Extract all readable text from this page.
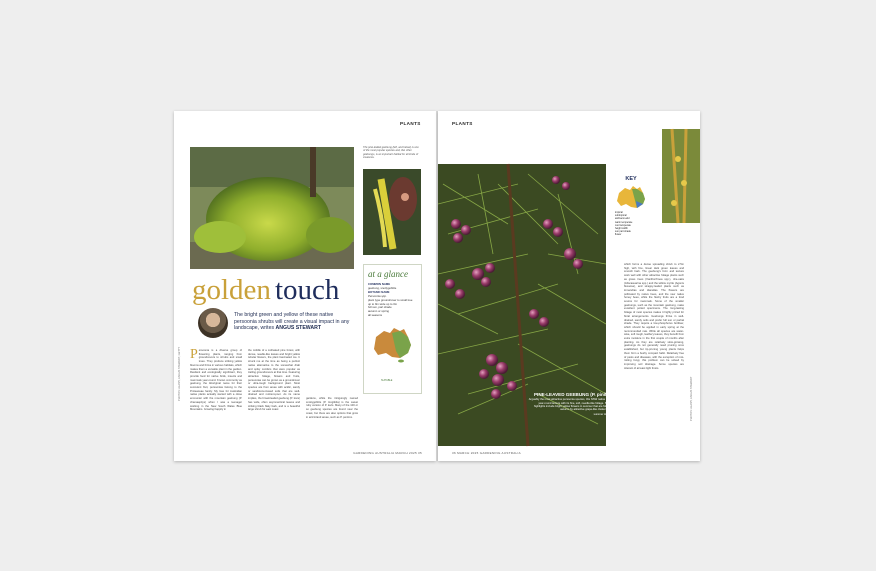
PLANTS
The pine-leafed geebung (left, and below) is one of the most popular species and, like other geebungs, is an important habitat for all kinds of creatures.
golden touch
The bright green and yellow of these native persoonia shrubs will create a visual impact in any landscape, writes ANGUS STEWART
Persoonia is a diverse group of flowering plants, ranging from groundcovers to shrubs and small trees. They produce striking yellow blooms and thrive in various habitats, which makes them a versatile plant in the garden. Resilient and ecologically significant, they provide food for native birds, insects and mammals year-round. Known commonly as geebung, the Aboriginal name for their succulent fruit, persoonias belong to the Proteaceae family. My love for Australian native plants actually started with a close encounter with the mountain geebung (P. chamaepitys) when I was a teenager working in the New South Wales Blue Mountains. Growing happily in
the middle of a cultivated pine forest, with dense, needle-like leaves and bright yellow tubular flowers, the plant fascinated me. It struck me at the time as being a perfect native alternative to the somewhat drab and spiky conifers that were popular as trailing groundcovers at that time. Featuring attractive foliage, flowers and fruits, persoonias can be grown as a groundcover or ultra-tough background plant. Most species are from areas with acidic, sandy or sandstone-based soils that are well-drained and nutrient-poor. As its name implies, the broad-leafed geebung (P. levis) has wide, often asymmetrical leaves and striking black flaky bark, and is a beautiful large shrub for east coast
gardens, while the intriguingly named snottygobble (P. longifolia) is the sweet ruby version of P. levis. Many of the 100 or so geebung species are found near the coast, but there are also options that grow in arid inland areas, such as P. pentrox.
at a glance
COMMON NAME
geebung, snottygobble
BOTANIC NAME
Persoonia spp.
plant type groundcover to small tree
up to 9m wide up to 3m
full sun, part shade
autumn or spring
all seasons
SUITABLE
GARDENING AUSTRALIA MARCH 2025 35
PHOTOS: ALAMY, ANGUS STEWART, GETTY
PLANTS
PINE-LEAVED GEEBUNG (P. pinifolia)
Arguably the most attractive persoonia species, this NSW native provides year-round texture with its fine, soft, needle-like foliage. Seasonal highlights include bright yellow flowers in summer that are followed in autumn by attractive grape-like clusters of fruit.
summer to autumn
KEY
tropical
subtropical
arid/semi-arid
warm temperate
cool temperate
height width
sun part shade
flower
which forms a dense spreading shrub to 2.5m high, with fine, linear dark green leaves and smooth bark. The geebung's form and texture work well with other attractive foliage plants such as grass trees (Xanthorrhoea spp.), she-oaks (Allocasuarina spp.) and the willow myrtle (Agonis flexuosa), and strappy-leafed plants such as lomandras and dianellas. The flowers are pollinated by native bees, and the new native honey bees, while the fleshy fruits are a food source for mammals. Some of the smaller geebungs, such as the mountain geebung, make excellent potted specimens. The long-lasting foliage of most species makes it highly prized for floral arrangements. Geebungs thrive in well-drained, sandy soils and prefer full sun or partial shade. They require a low-phosphorus fertiliser, which should be applied in early spring at the recommended rate. While all species are water-wise, soft rough, leathery leaves, they benefit from extra moisture in the first couple of months after planting. As they are relatively slow-growing, geebungs do not generally need pruning once established, but tip-pruning young plants helps them form a bushy compact habit. Relatively free of pests and diseases, with the exception of root-rotting fungi, this problem can be solved by improving soil drainage. Some species are tolerant of at least light frosts.
36 MARCH 2025 GARDENING AUSTRALIA
PHOTOS: ALAMY, ANGUS STEWART
